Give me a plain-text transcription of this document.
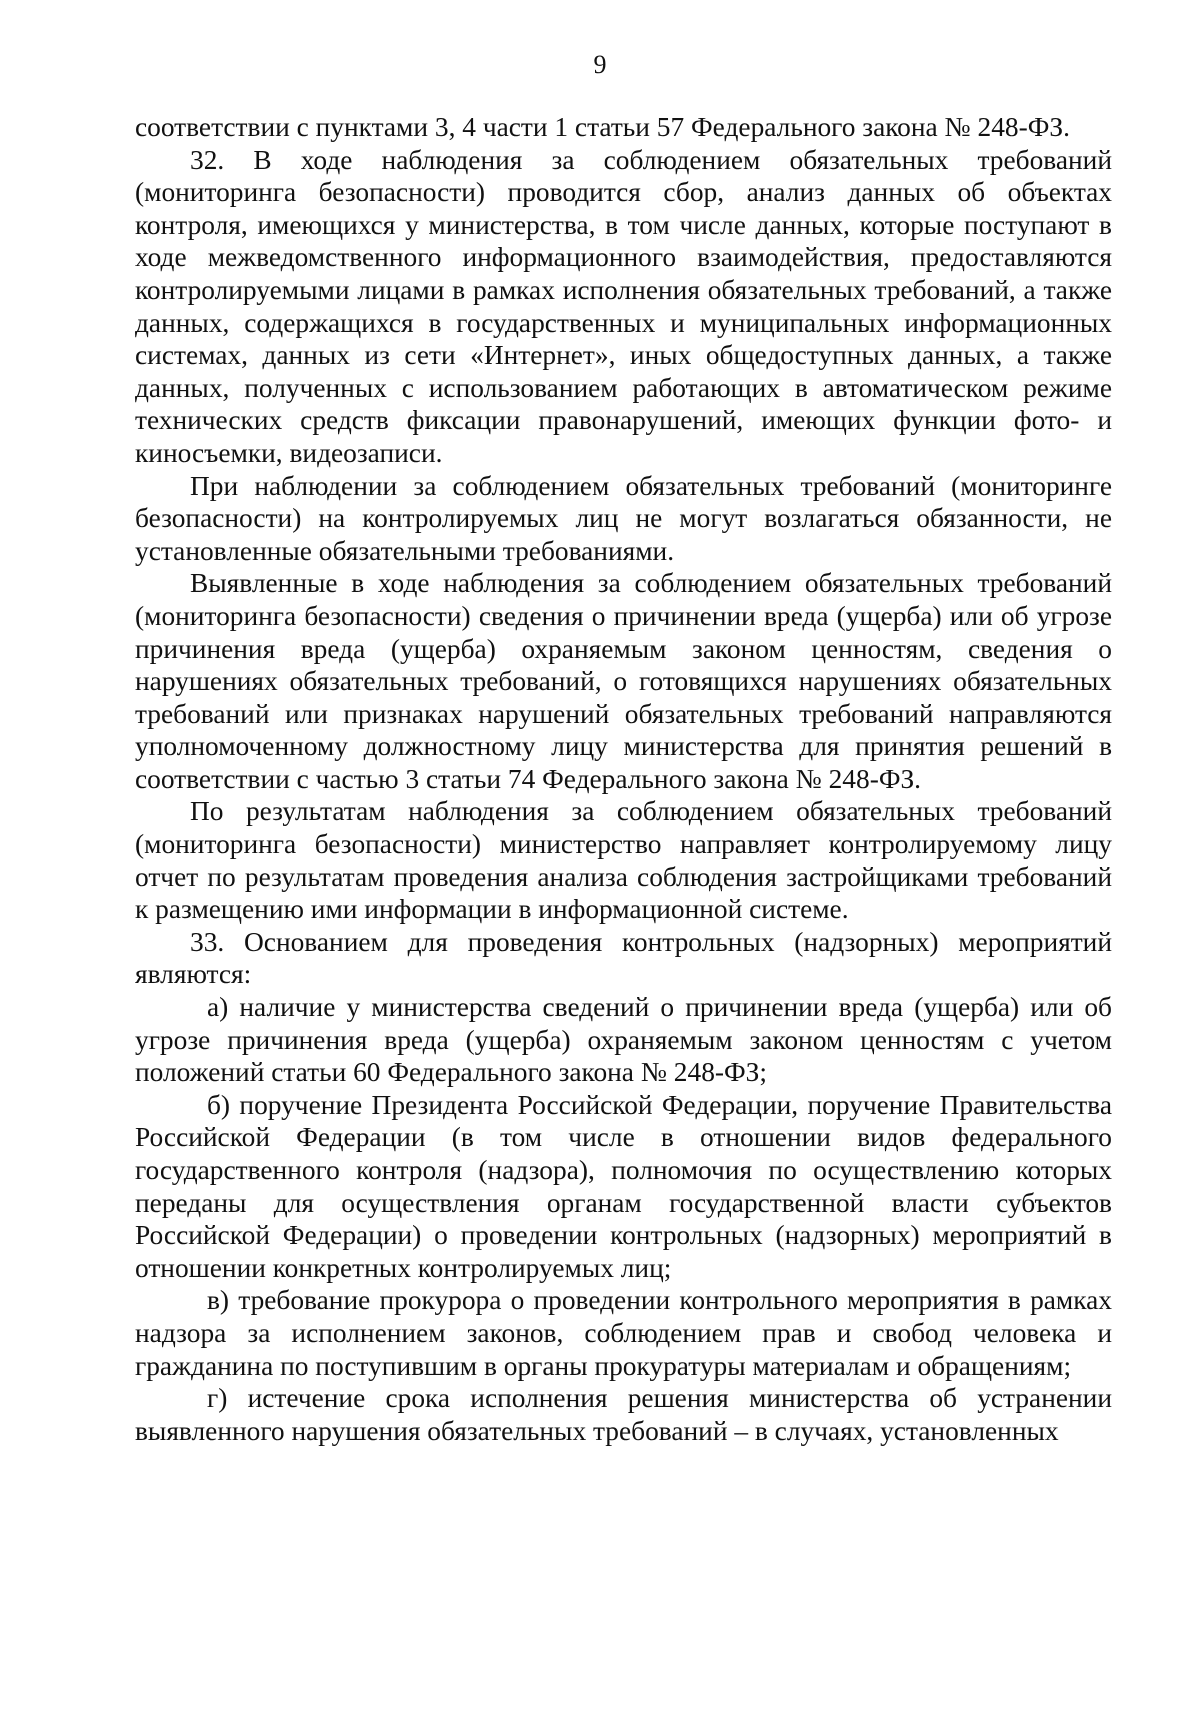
9

соответствии с пунктами 3, 4 части 1 статьи 57 Федерального закона № 248-ФЗ.

32. В ходе наблюдения за соблюдением обязательных требований (мониторинга безопасности) проводится сбор, анализ данных об объектах контроля, имеющихся у министерства, в том числе данных, которые поступают в ходе межведомственного информационного взаимодействия, предоставляются контролируемыми лицами в рамках исполнения обязательных требований, а также данных, содержащихся в государственных и муниципальных информационных системах, данных из сети «Интернет», иных общедоступных данных, а также данных, полученных с использованием работающих в автоматическом режиме технических средств фиксации правонарушений, имеющих функции фото- и киносъемки, видеозаписи.

При наблюдении за соблюдением обязательных требований (мониторинге безопасности) на контролируемых лиц не могут возлагаться обязанности, не установленные обязательными требованиями.

Выявленные в ходе наблюдения за соблюдением обязательных требований (мониторинга безопасности) сведения о причинении вреда (ущерба) или об угрозе причинения вреда (ущерба) охраняемым законом ценностям, сведения о нарушениях обязательных требований, о готовящихся нарушениях обязательных требований или признаках нарушений обязательных требований направляются уполномоченному должностному лицу министерства для принятия решений в соответствии с частью 3 статьи 74 Федерального закона № 248-ФЗ.

По результатам наблюдения за соблюдением обязательных требований (мониторинга безопасности) министерство направляет контролируемому лицу отчет по результатам проведения анализа соблюдения застройщиками требований к размещению ими информации в информационной системе.

33. Основанием для проведения контрольных (надзорных) мероприятий являются:

а) наличие у министерства сведений о причинении вреда (ущерба) или об угрозе причинения вреда (ущерба) охраняемым законом ценностям с учетом положений статьи 60 Федерального закона № 248-ФЗ;

б) поручение Президента Российской Федерации, поручение Правительства Российской Федерации (в том числе в отношении видов федерального государственного контроля (надзора), полномочия по осуществлению которых переданы для осуществления органам государственной власти субъектов Российской Федерации) о проведении контрольных (надзорных) мероприятий в отношении конкретных контролируемых лиц;

в) требование прокурора о проведении контрольного мероприятия в рамках надзора за исполнением законов, соблюдением прав и свобод человека и гражданина по поступившим в органы прокуратуры материалам и обращениям;

г) истечение срока исполнения решения министерства об устранении выявленного нарушения обязательных требований – в случаях, установленных
